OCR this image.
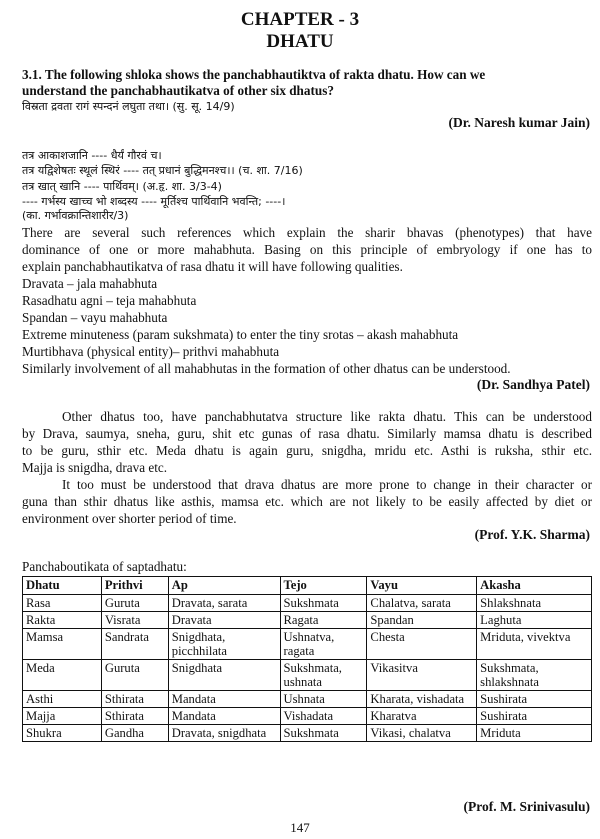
CHAPTER - 3
DHATU
3.1. The following shloka shows the panchabhautiktva of rakta dhatu. How can we
understand the panchabhautikatva of other six dhatus?
विस्रता द्रवता रागं स्पन्दनं लघुता तथा। (सु. सू. 14/9)
(Dr. Naresh kumar Jain)
तत्र आकाशजानि ---- धैर्यं गौरवं च।
तत्र यद्विशेषतः स्थूलं स्थिरं ---- तत् प्रधानं बुद्धिमनश्च।। (च. शा. 7/16)
तत्र खात् खानि ---- पार्थिवम्। (अ.हृ. शा. 3/3-4)
---- गर्भस्य खाच्च भो शब्दस्य ---- मूर्तिश्च पार्थिवानि भवन्ति; ----।
(का. गर्भावक्रान्तिशारीर/3)
There are several such references which explain the sharir bhavas (phenotypes) that have
dominance of one or more mahabhuta. Basing on this principle of embryology if one has to
explain panchabhautikatva of rasa dhatu it will have following qualities.
Dravata – jala mahabhuta
Rasadhatu agni – teja mahabhuta
Spandan – vayu mahabhuta
Extreme minuteness (param sukshmata) to enter the tiny srotas – akash mahabhuta
Murtibhava (physical entity)– prithvi mahabhuta
Similarly involvement of all mahabhutas in the formation of other dhatus can be understood.
(Dr. Sandhya Patel)
Other dhatus too, have panchabhutatva structure like rakta dhatu. This can be understood
by Drava, saumya, sneha, guru, shit etc gunas of rasa dhatu. Similarly mamsa dhatu is described
to be guru, sthir etc. Meda dhatu is again guru, snigdha, mridu etc. Asthi is ruksha, sthir etc.
Majja is snigdha, drava etc.
It too must be understood that drava dhatus are more prone to change in their character or
guna than sthir dhatus like asthis, mamsa etc. which are not likely to be easily affected by diet or
environment over shorter period of time.
(Prof. Y.K. Sharma)
Panchaboutikata of saptadhatu:
Dhatu	Prithvi	Ap	Tejo	Vayu	Akasha
Rasa	Guruta	Dravata, sarata	Sukshmata	Chalatva, sarata	Shlakshnata
Rakta	Visrata	Dravata	Ragata	Spandan	Laghuta
Mamsa	Sandrata	Snigdhata, picchhilata	Ushnatva, ragata	Chesta	Mriduta, vivektva
Meda	Guruta	Snigdhata	Sukshmata, ushnata	Vikasitva	Sukshmata, shlakshnata
Asthi	Sthirata	Mandata	Ushnata	Kharata, vishadata	Sushirata
Majja	Sthirata	Mandata	Vishadata	Kharatva	Sushirata
Shukra	Gandha	Dravata, snigdhata	Sukshmata	Vikasi, chalatva	Mriduta
(Prof. M. Srinivasulu)
147
